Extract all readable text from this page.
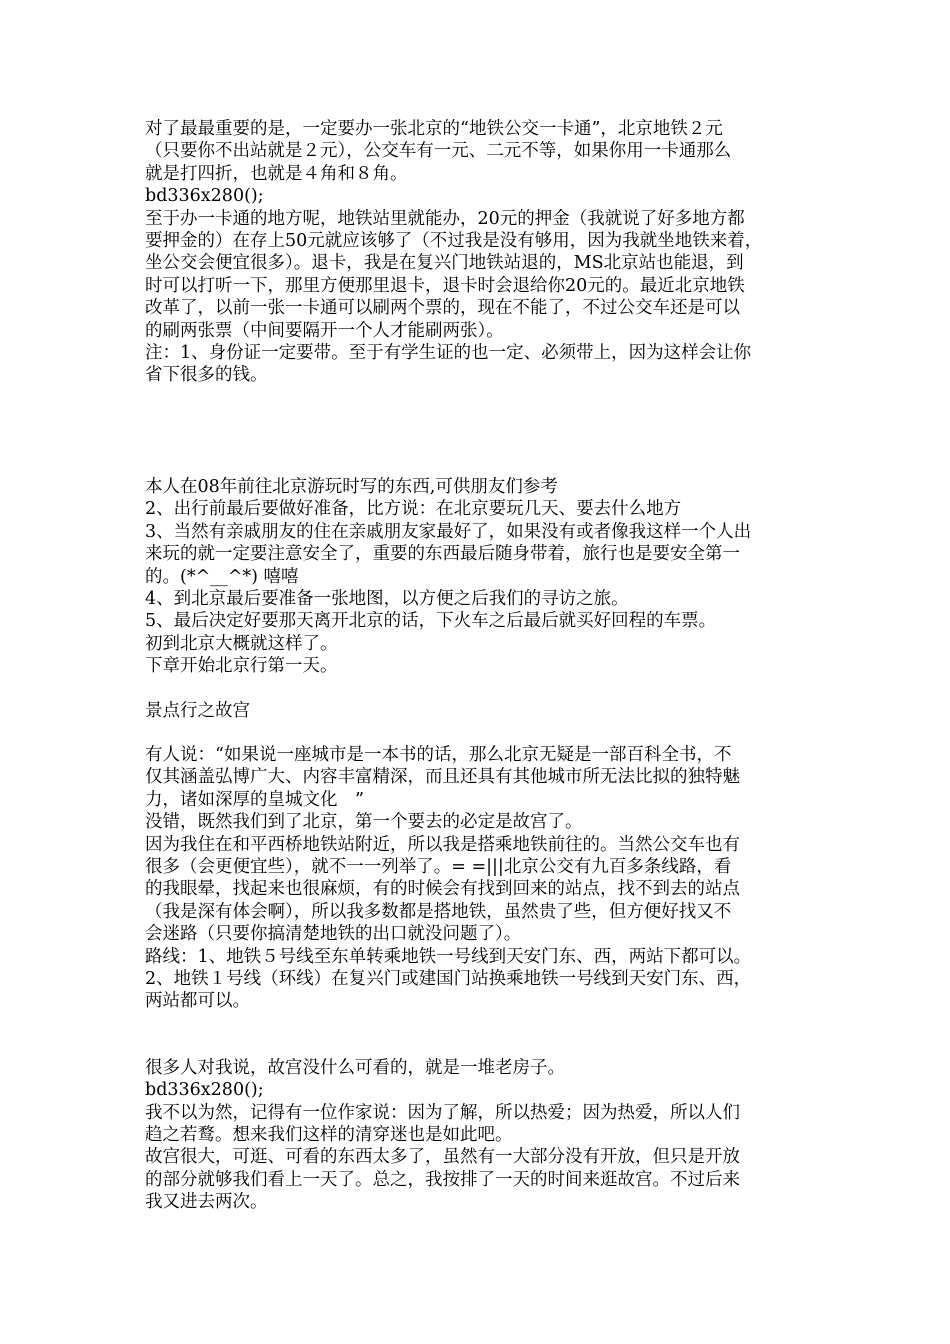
对了最最重要的是，一定要办一张北京的“地铁公交一卡通”，北京地铁２元
（只要你不出站就是２元），公交车有一元、二元不等，如果你用一卡通那么
就是打四折，也就是４角和８角。
bd336x280();
至于办一卡通的地方呢，地铁站里就能办，20元的押金（我就说了好多地方都
要押金的）在存上50元就应该够了（不过我是没有够用，因为我就坐地铁来着，
坐公交会便宜很多）。退卡，我是在复兴门地铁站退的，MS北京站也能退，到
时可以打听一下，那里方便那里退卡，退卡时会退给你20元的。最近北京地铁
改革了，以前一张一卡通可以刷两个票的，现在不能了，不过公交车还是可以
的刷两张票（中间要隔开一个人才能刷两张）。
注：1、身份证一定要带。至于有学生证的也一定、必须带上，因为这样会让你
省下很多的钱。
本人在08年前往北京游玩时写的东西,可供朋友们参考
2、出行前最后要做好准备，比方说：在北京要玩几天、要去什么地方
3、当然有亲戚朋友的住在亲戚朋友家最好了，如果没有或者像我这样一个人出
来玩的就一定要注意安全了，重要的东西最后随身带着，旅行也是要安全第一
的。(*^__^*) 嘻嘻
4、到北京最后要准备一张地图，以方便之后我们的寻访之旅。
5、最后决定好要那天离开北京的话，下火车之后最后就买好回程的车票。
初到北京大概就这样了。
下章开始北京行第一天。
景点行之故宫
有人说：“如果说一座城市是一本书的话，那么北京无疑是一部百科全书，不
仅其涵盖弘博广大、内容丰富精深，而且还具有其他城市所无法比拟的独特魅
力，诸如深厚的皇城文化　”
没错，既然我们到了北京，第一个要去的必定是故宫了。
因为我住在和平西桥地铁站附近，所以我是搭乘地铁前往的。当然公交车也有
很多（会更便宜些），就不一一列举了。= =|||北京公交有九百多条线路，看
的我眼晕，找起来也很麻烦，有的时候会有找到回来的站点，找不到去的站点
（我是深有体会啊），所以我多数都是搭地铁，虽然贵了些，但方便好找又不
会迷路（只要你搞清楚地铁的出口就没问题了）。
路线：1、地铁５号线至东单转乘地铁一号线到天安门东、西，两站下都可以。
2、地铁１号线（环线）在复兴门或建国门站换乘地铁一号线到天安门东、西，
两站都可以。
很多人对我说，故宫没什么可看的，就是一堆老房子。
bd336x280();
我不以为然，记得有一位作家说：因为了解，所以热爱；因为热爱，所以人们
趋之若鹜。想来我们这样的清穿迷也是如此吧。
故宫很大，可逛、可看的东西太多了，虽然有一大部分没有开放，但只是开放
的部分就够我们看上一天了。总之，我按排了一天的时间来逛故宫。不过后来
我又进去两次。
